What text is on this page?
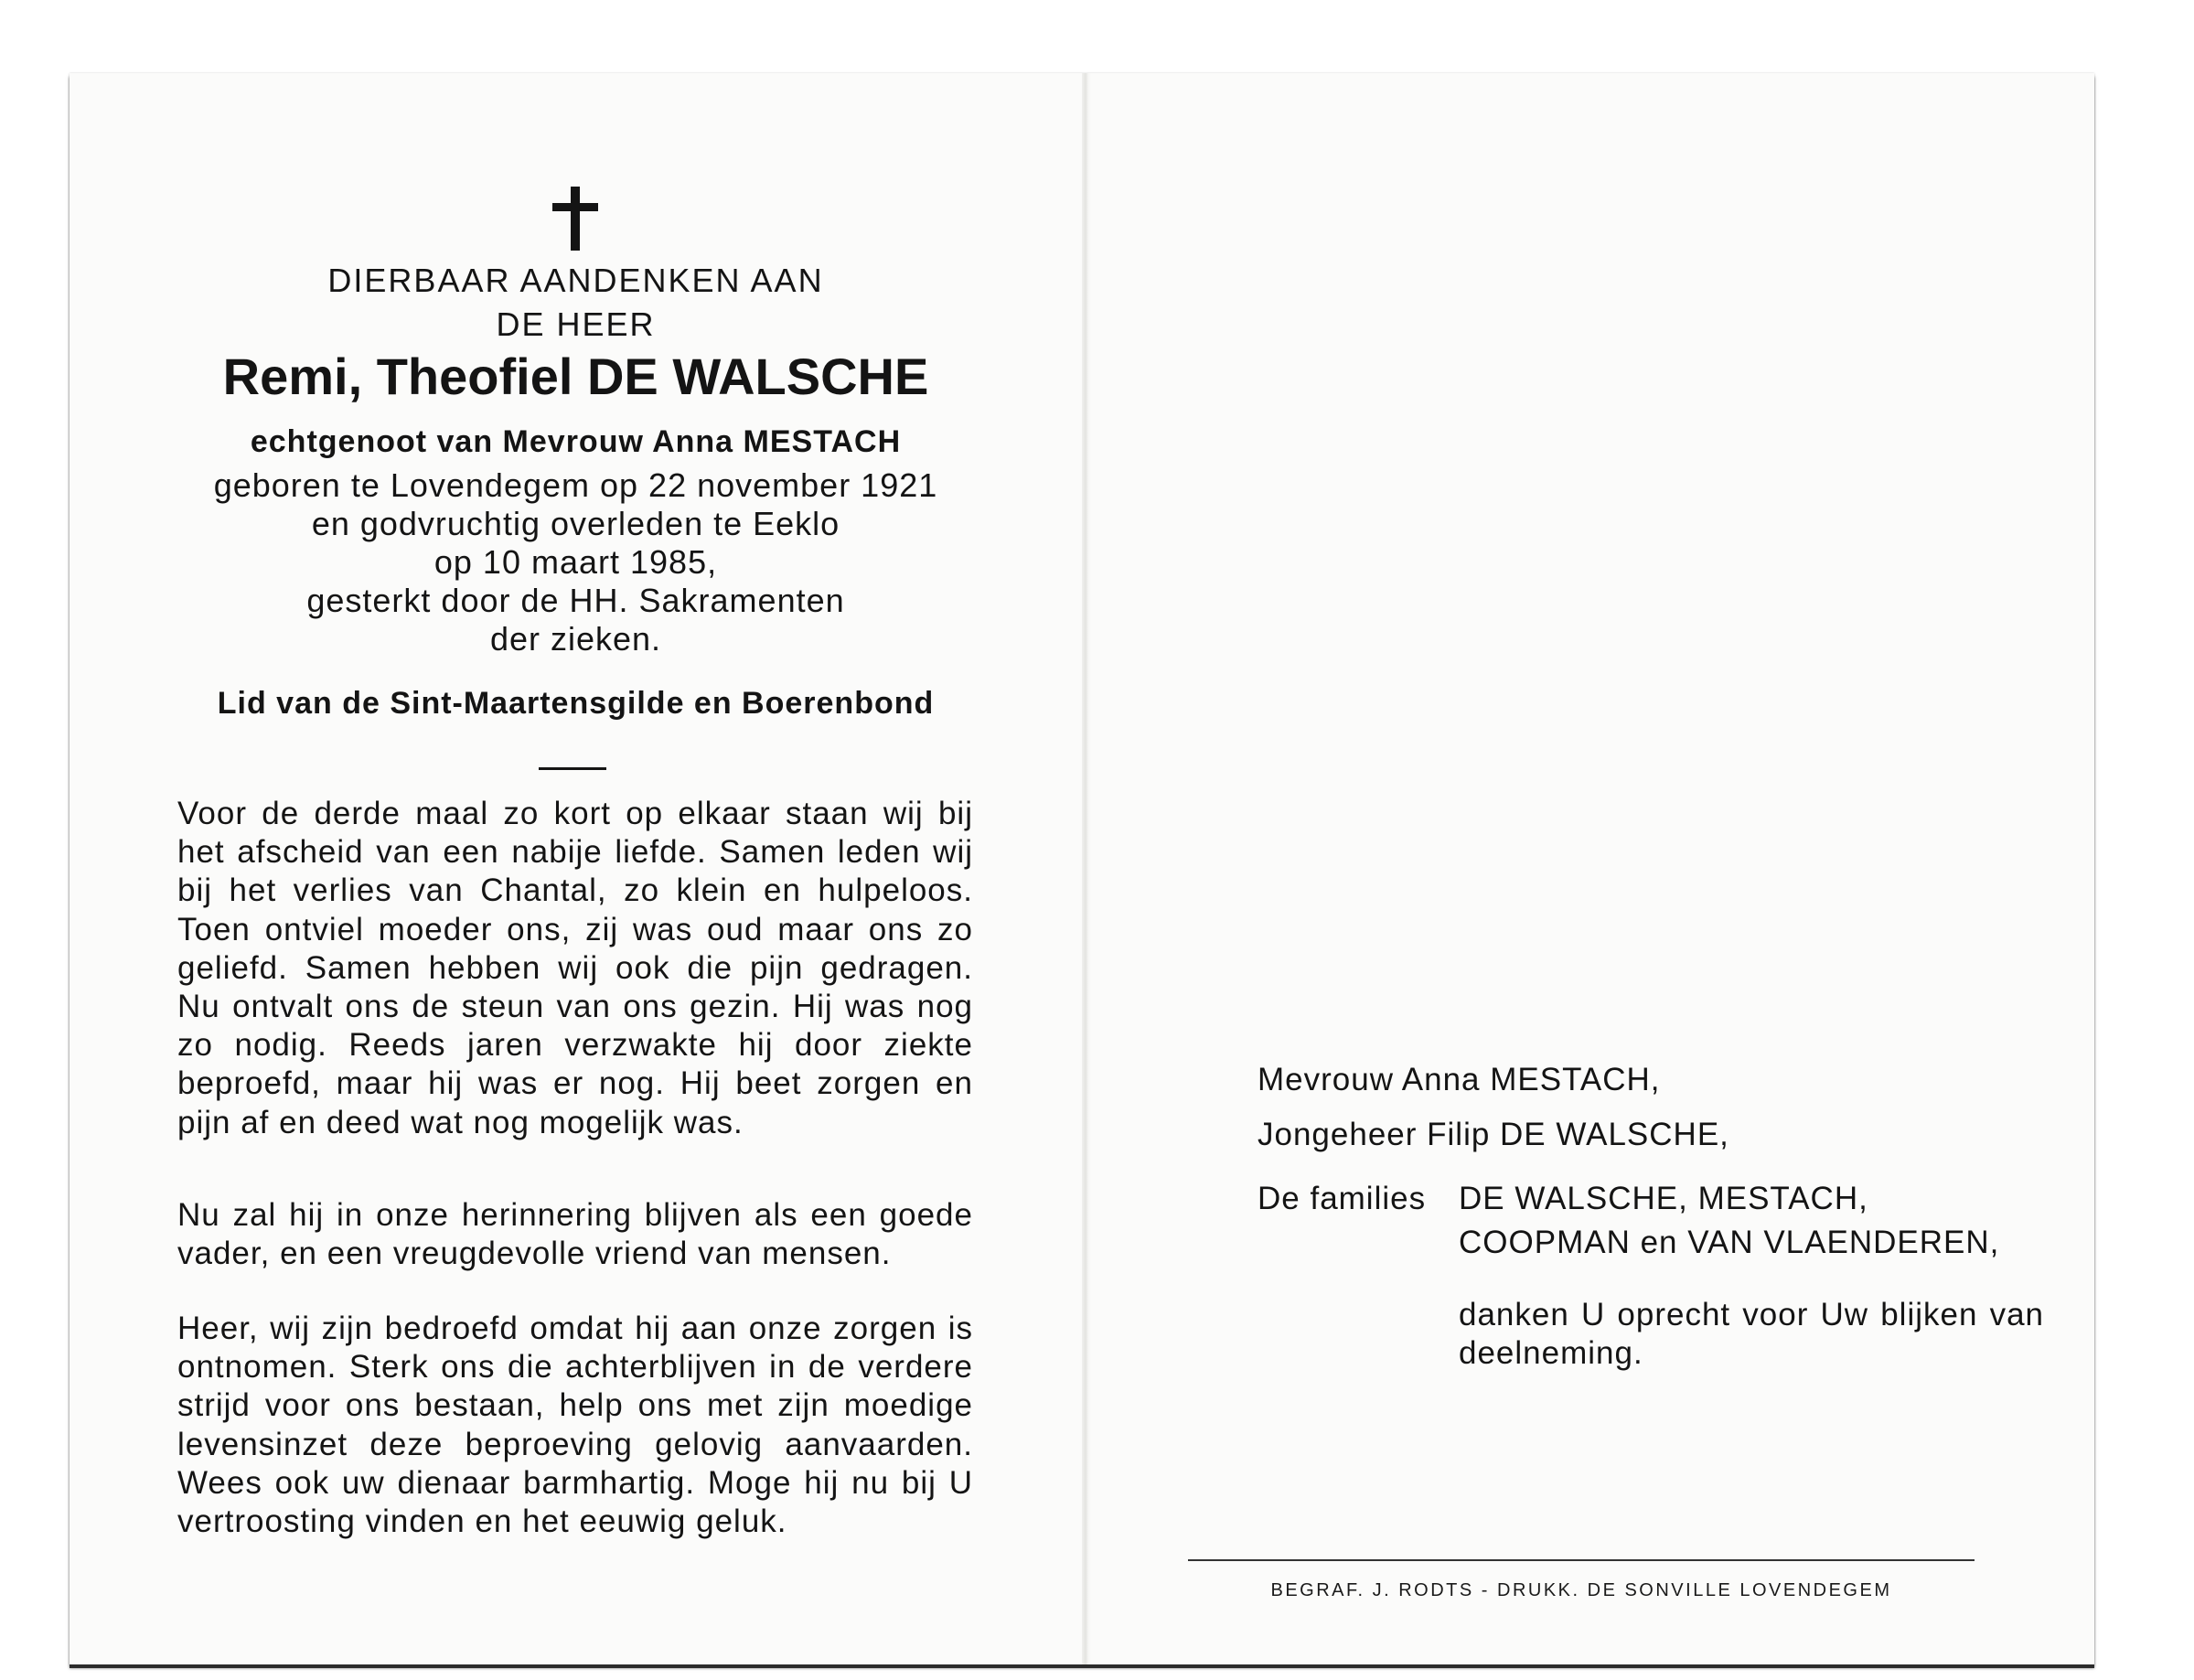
DIERBAAR AANDENKEN AAN

DE HEER

Remi, Theofiel DE WALSCHE

echtgenoot van Mevrouw Anna MESTACH

geboren te Lovendegem op 22 november 1921
en godvruchtig overleden te Eeklo
op 10 maart 1985,
gesterkt door de HH. Sakramenten
der zieken.

Lid van de Sint-Maartensgilde en Boerenbond

Voor de derde maal zo kort op elkaar staan wij bij het afscheid van een nabije liefde. Samen leden wij bij het verlies van Chantal, zo klein en hulpeloos. Toen ontviel moeder ons, zij was oud maar ons zo geliefd. Samen hebben wij ook die pijn gedragen. Nu ontvalt ons de steun van ons gezin. Hij was nog zo nodig. Reeds jaren verzwakte hij door ziekte beproefd, maar hij was er nog. Hij beet zorgen en pijn af en deed wat nog mogelijk was.

Nu zal hij in onze herinnering blijven als een goede vader, en een vreugdevolle vriend van mensen.

Heer, wij zijn bedroefd omdat hij aan onze zorgen is ontnomen. Sterk ons die achterblijven in de verdere strijd voor ons bestaan, help ons met zijn moedige levensinzet deze beproeving gelovig aanvaarden. Wees ook uw dienaar barmhartig. Moge hij nu bij U vertroosting vinden en het eeuwig geluk.

Mevrouw Anna MESTACH,

Jongeheer Filip DE WALSCHE,

De families DE WALSCHE, MESTACH,

COOPMAN en VAN VLAENDEREN,

danken U oprecht voor Uw blijken van deelneming.

BEGRAF. J. RODTS - DRUKK. DE SONVILLE LOVENDEGEM
